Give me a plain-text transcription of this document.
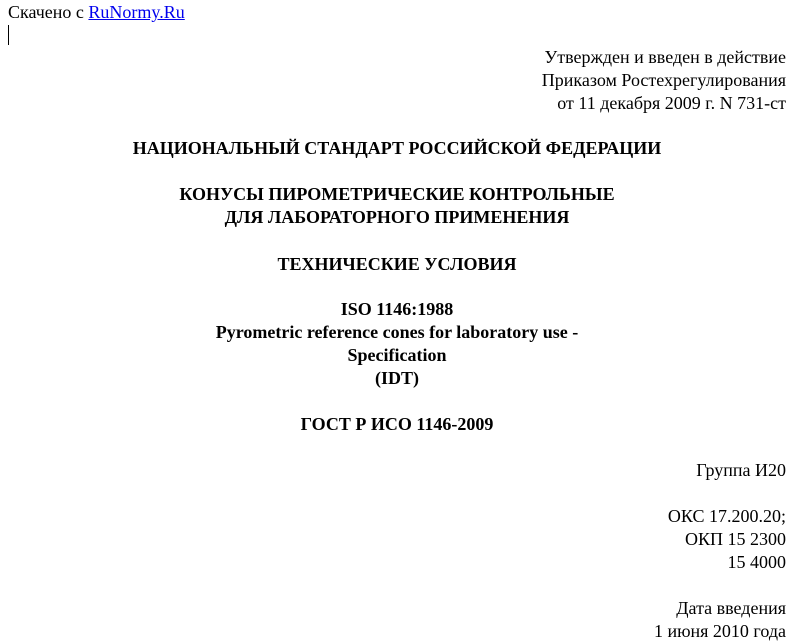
Скачено с RuNormy.Ru
Утвержден и введен в действие
Приказом Ростехрегулирования
от 11 декабря 2009 г. N 731-ст
НАЦИОНАЛЬНЫЙ СТАНДАРТ РОССИЙСКОЙ ФЕДЕРАЦИИ
КОНУСЫ ПИРОМЕТРИЧЕСКИЕ КОНТРОЛЬНЫЕ
ДЛЯ ЛАБОРАТОРНОГО ПРИМЕНЕНИЯ
ТЕХНИЧЕСКИЕ УСЛОВИЯ
ISO 1146:1988
Pyrometric reference cones for laboratory use -
Specification
(IDT)
ГОСТ Р ИСО 1146-2009
Группа И20
ОКС 17.200.20;
ОКП 15 2300
15 4000
Дата введения
1 июня 2010 года
